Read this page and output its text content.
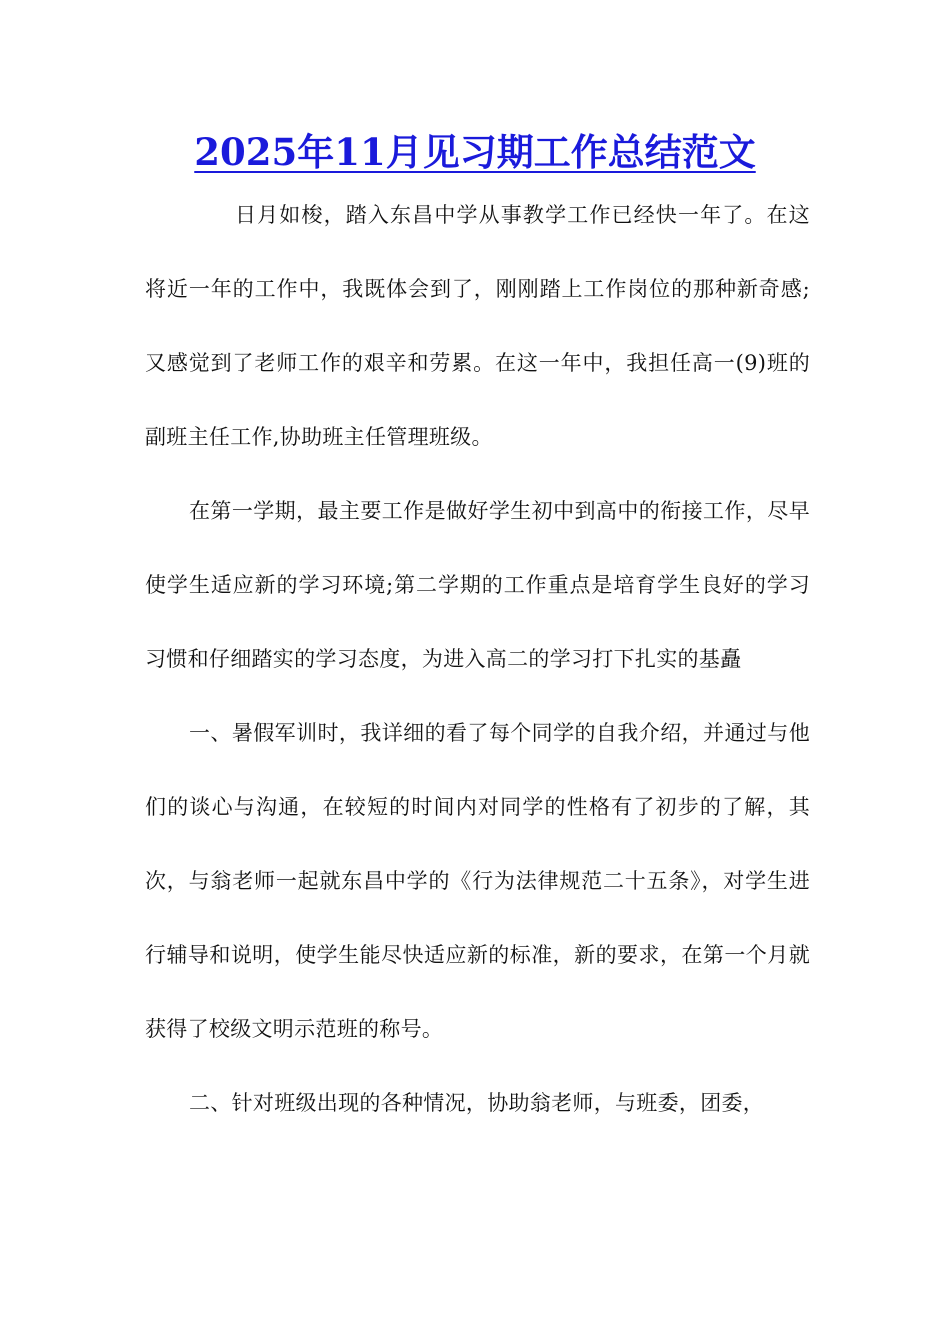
2025年11月见习期工作总结范文

日月如梭，踏入东昌中学从事教学工作已经快一年了。在这将近一年的工作中，我既体会到了，刚刚踏上工作岗位的那种新奇感;又感觉到了老师工作的艰辛和劳累。在这一年中，我担任高一(9)班的副班主任工作,协助班主任管理班级。

在第一学期，最主要工作是做好学生初中到高中的衔接工作，尽早使学生适应新的学习环境;第二学期的工作重点是培育学生良好的学习习惯和仔细踏实的学习态度，为进入高二的学习打下扎实的基矗

一、暑假军训时，我详细的看了每个同学的自我介绍，并通过与他们的谈心与沟通，在较短的时间内对同学的性格有了初步的了解，其次，与翁老师一起就东昌中学的《行为法律规范二十五条》，对学生进行辅导和说明，使学生能尽快适应新的标准，新的要求，在第一个月就获得了校级文明示范班的称号。

二、针对班级出现的各种情况，协助翁老师，与班委，团委，
